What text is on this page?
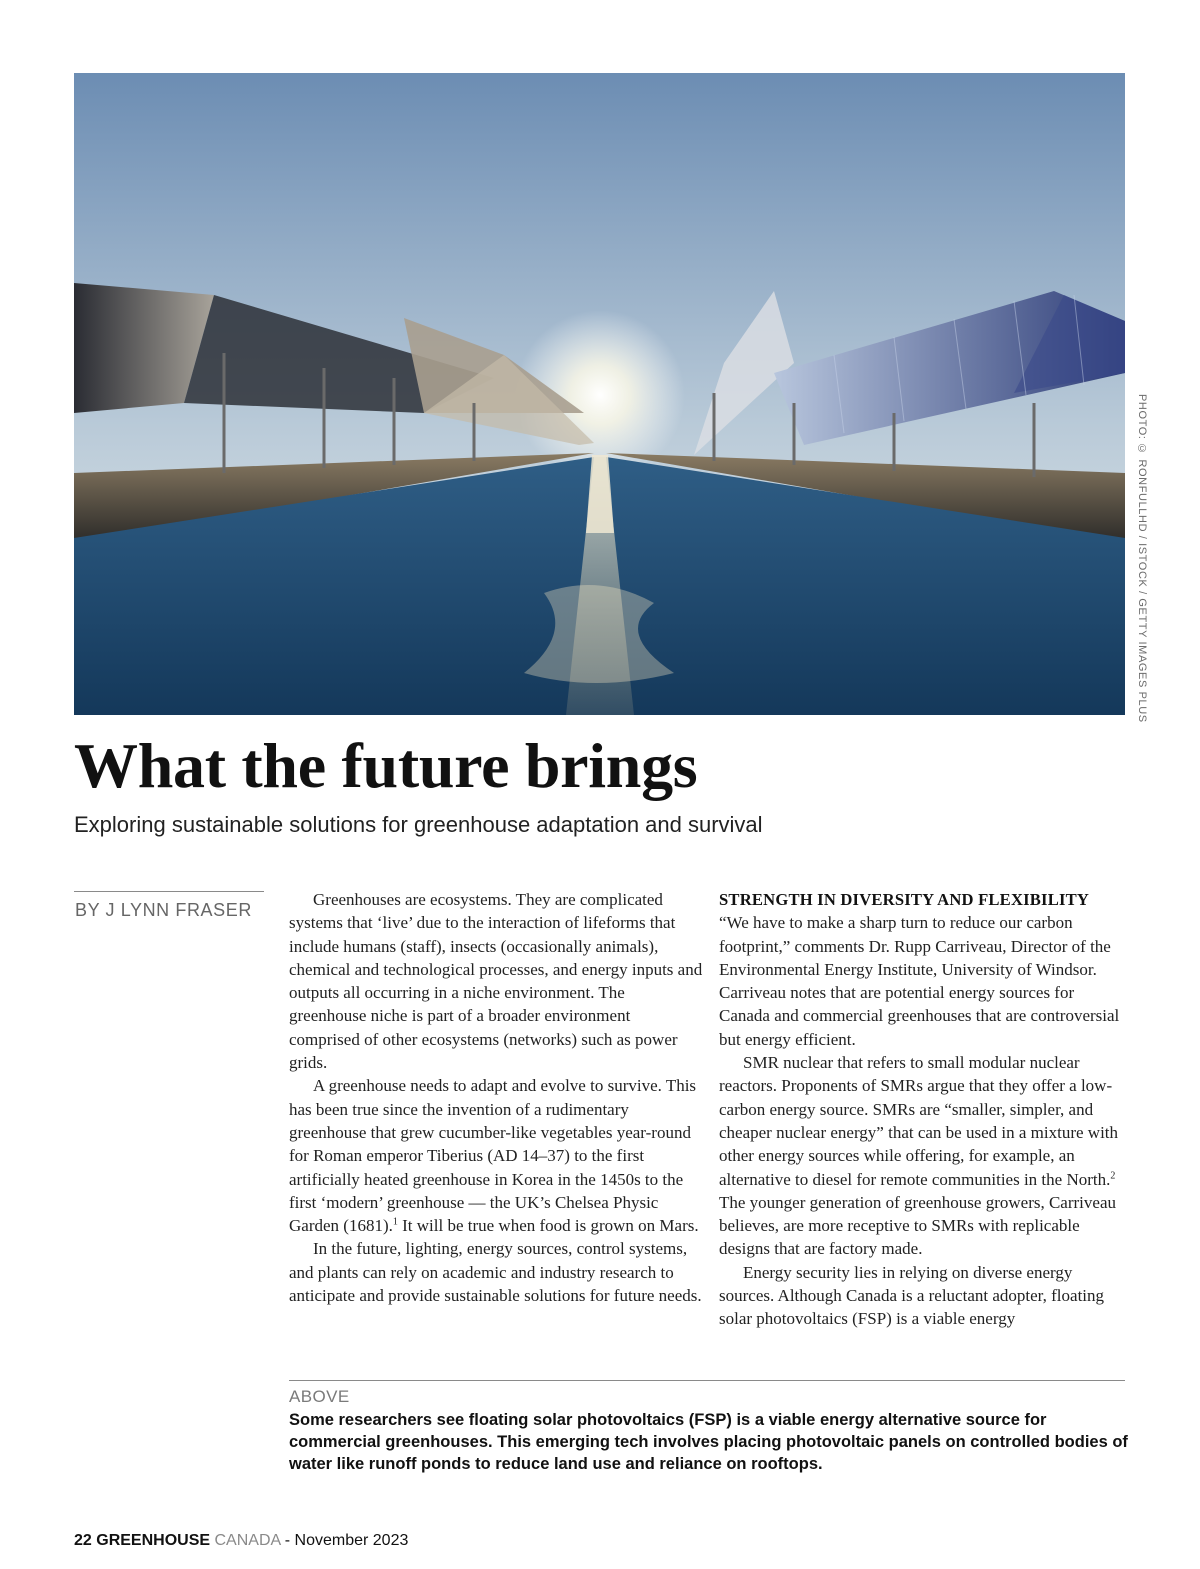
PHOTO: © RONFULLHD / ISTOCK / GETTY IMAGES PLUS
What the future brings

Exploring sustainable solutions for greenhouse adaptation and survival

BY J LYNN FRASER

Greenhouses are ecosystems. They are complicated systems that ‘live’ due to the interaction of lifeforms that include humans (staff), insects (occasionally animals), chemical and technological processes, and energy inputs and outputs all occurring in a niche environment. The greenhouse niche is part of a broader environment comprised of other ecosystems (networks) such as power grids.

A greenhouse needs to adapt and evolve to survive. This has been true since the invention of a rudimentary greenhouse that grew cucumber-like vegetables year-round for Roman emperor Tiberius (AD 14–37) to the first artificially heated greenhouse in Korea in the 1450s to the first ‘modern’ greenhouse — the UK’s Chelsea Physic Garden (1681).$^1$ It will be true when food is grown on Mars.

In the future, lighting, energy sources, control systems, and plants can rely on academic and industry research to anticipate and provide sustainable solutions for future needs.

STRENGTH IN DIVERSITY AND FLEXIBILITY

“We have to make a sharp turn to reduce our carbon footprint,” comments Dr. Rupp Carriveau, Director of the Environmental Energy Institute, University of Windsor. Carriveau notes that are potential energy sources for Canada and commercial greenhouses that are controversial but energy efficient.

SMR nuclear that refers to small modular nuclear reactors. Proponents of SMRs argue that they offer a low-carbon energy source. SMRs are “smaller, simpler, and cheaper nuclear energy” that can be used in a mixture with other energy sources while offering, for example, an alternative to diesel for remote communities in the North.$^2$ The younger generation of greenhouse growers, Carriveau believes, are more receptive to SMRs with replicable designs that are factory made.

Energy security lies in relying on diverse energy sources. Although Canada is a reluctant adopter, floating solar photovoltaics (FSP) is a viable energy

ABOVE
Some researchers see floating solar photovoltaics (FSP) is a viable energy alternative source for commercial greenhouses. This emerging tech involves placing photovoltaic panels on controlled bodies of water like runoff ponds to reduce land use and reliance on rooftops.
22 GREENHOUSE CANADA - November 2023
